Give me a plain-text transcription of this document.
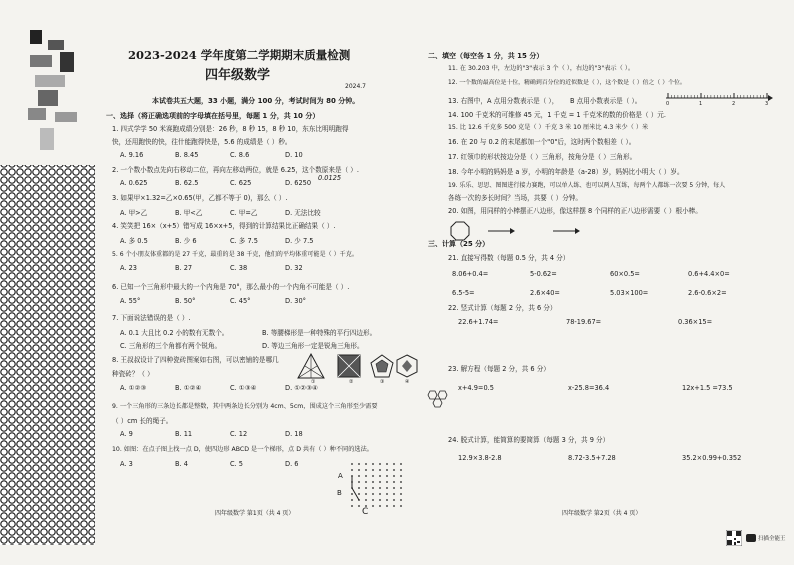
2023-2024 学年度第二学期期末质量检测
四年级数学
2024.7
本试卷共五大题，33 小题，满分 100 分，考试时间为 80 分钟。
一、选择（将正确选项前的字母填在括号里，每题 1 分，共 10 分）
1. 四式学学 50 米赛跑成绩分别是：26 秒，8 秒 15，8 秒 10，东东比明明跑得
快，还用跑快的快，往什能跑得快是，5.6 的成绩是（ ）秒。
A. 9.16	B. 8.45	C. 8.6	D. 10
2. 一个数小数点先向右移动二位，再向左移动两位，就是 6.25，这个数原来是（ ）.
A. 0.625	B. 62.5	C. 625	D. 6250
0.0125
3. 如果甲×1.32=乙×0.65(甲，乙都不等于 0)，那么（ ）.
A. 甲>乙	B. 甲<乙	C. 甲=乙	D. 无法比较
4. 笑笑把 16×（x+5）错写成 16×x+5，得到的计算结果比正确结果（ ）.
A. 多 0.5	B. 少 6	C. 多 7.5	D. 少 7.5
5. 6 个小朋友体重都的是 27 千克，最重的是 38 千克，他们的平均体重可能是（ ）千克。
A. 23	B. 27	C. 38	D. 32
6. 已知一个三角形中最大的一个内角是 70°，那么最小的一个内角不可能是（ ）.
A. 55°	B. 50°	C. 45°	D. 30°
7. 下面说法错误的是（ ）.
A. 0.1 大且比 0.2 小的数有无数个。	B. 等腰梯形是一种特殊的平行四边形。
C. 三角形的三个角都有两个锐角。	D. 等边三角形一定是锐角三角形。
8. 王叔叔设计了四种瓷砖图案如右图，可以密铺的是哪几
种瓷砖？（ ）
A. ①②③	B. ①②④	C. ①③④	D. ①②③④
①	②	③	④
9. 一个三角形的三条边长都是整数，其中两条边长分别为 4cm、5cm，围成这个三角形至少需要
（ ）cm 长的绳子。
A. 9	B. 11	C. 12	D. 18
10. 如图：在点子图上找一点 D，使四边形 ABCD 是一个梯形，点 D 共有（ ）种不同的选法。
A. 3	B. 4	C. 5	D. 6
A
B
C
四年级数学 第1页（共 4 页）
二、填空（每空各 1 分，共 15 分）
11. 在 30.203 中，左边的"3"表示 3 个（ ），右边的"3"表示（ ）。
12. 一个数的最高位是十位，精确到百分位的近似数是（ ），这个数是（ ）倍之（ ）个位。
13. 右图中，A 点用分数表示是（ ）， B 点用小数表示是（ ）。	0	1	2	3
14. 100 千克米的可维修 45 元，1 千克 = 1 千克米的数的价格是（ ）元.
15. 比 12.6 千克多 500 克是（ ）千克 3 米 10 厘米比 4.3 米少（ ）米
16. 在 20 与 0.2 的末尾都加一个"0"后，这时两个数相差（ ）。
17. 红领巾的形状按边分是（ ）三角形，按角分是（ ）三角形。
18. 今年小明的妈妈是 a 岁，小明的年龄是（a-28）岁，妈妈比小明大（ ）岁。
19. 乐乐、思思、图图进行接力赛跑，可以单人练、也可以两人互练，每两个人都练一次要 5 分钟，每人
各练一次的多长时间？当场，共要（ ）分钟。
20. 如图，用同样的小棒摆正八边形，像这样摆 8 个同样的正八边形需要（ ）根小棒。
三、计算（25 分）
21. 直接写得数（每题 0.5 分，共 4 分）
8.06+0.4=	5-0.62=	60×0.5=	0.6+4.4×0=
6.5-5=	2.6×40=	5.03×100=	2.6-0.6×2=
22. 竖式计算（每题 2 分，共 6 分）
22.6+1.74=	78-19.67=	0.36×15=
23. 解方程（每题 2 分，共 6 分）
x+4.9=0.5	x-25.8=36.4	12x+1.5 =73.5
24. 脱式计算，能简算的要简算（每题 3 分，共 9 分）
12.9×3.8-2.8	8.72-3.5+7.28	35.2×0.99+0.352
四年级数学 第2页（共 4 页）
扫描全能王
